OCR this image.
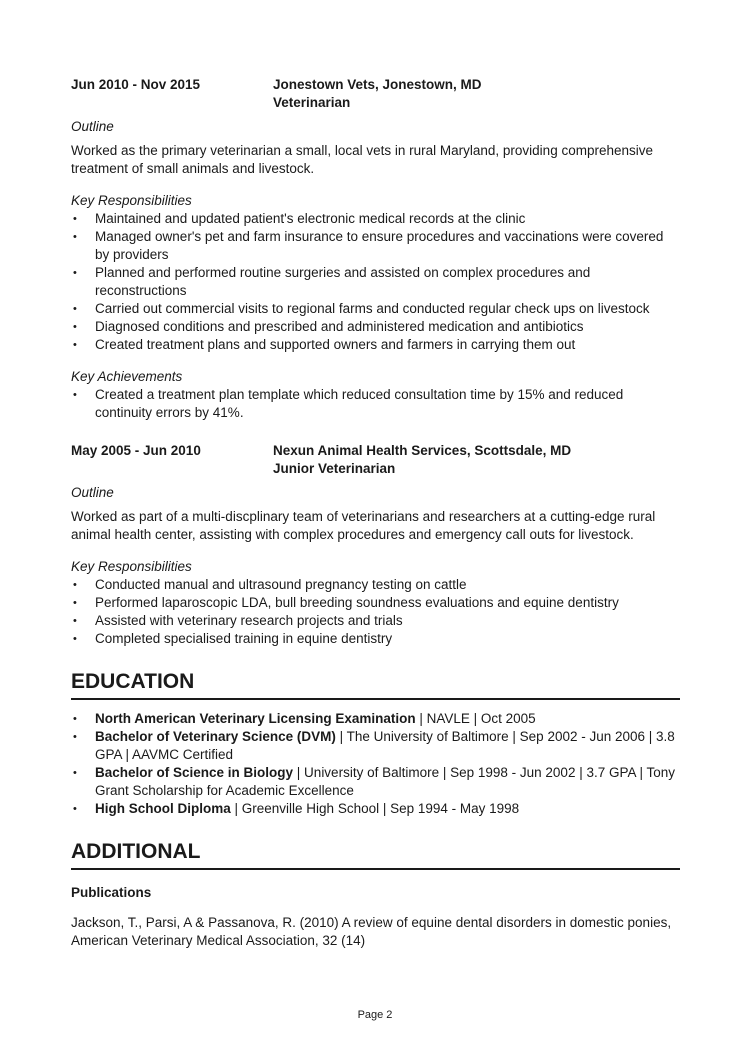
Jun 2010 - Nov 2015	Jonestown Vets, Jonestown, MD
Veterinarian
Outline
Worked as the primary veterinarian a small, local vets in rural Maryland, providing comprehensive treatment of small animals and livestock.
Key Responsibilities
• Maintained and updated patient's electronic medical records at the clinic
• Managed owner's pet and farm insurance to ensure procedures and vaccinations were covered by providers
• Planned and performed routine surgeries and assisted on complex procedures and reconstructions
• Carried out commercial visits to regional farms and conducted regular check ups on livestock
• Diagnosed conditions and prescribed and administered medication and antibiotics
• Created treatment plans and supported owners and farmers in carrying them out
Key Achievements
• Created a treatment plan template which reduced consultation time by 15% and reduced continuity errors by 41%.
May 2005 - Jun 2010	Nexun Animal Health Services, Scottsdale, MD
Junior Veterinarian
Outline
Worked as part of a multi-discplinary team of veterinarians and researchers at a cutting-edge rural animal health center, assisting with complex procedures and emergency call outs for livestock.
Key Responsibilities
• Conducted manual and ultrasound pregnancy testing on cattle
• Performed laparoscopic LDA, bull breeding soundness evaluations and equine dentistry
• Assisted with veterinary research projects and trials
• Completed specialised training in equine dentistry
EDUCATION
• North American Veterinary Licensing Examination | NAVLE | Oct 2005
• Bachelor of Veterinary Science (DVM) | The University of Baltimore | Sep 2002 - Jun 2006 | 3.8 GPA | AAVMC Certified
• Bachelor of Science in Biology | University of Baltimore | Sep 1998 - Jun 2002 | 3.7 GPA | Tony Grant Scholarship for Academic Excellence
• High School Diploma | Greenville High School | Sep 1994 - May 1998
ADDITIONAL
Publications
Jackson, T., Parsi, A & Passanova, R. (2010) A review of equine dental disorders in domestic ponies, American Veterinary Medical Association, 32 (14)
Page 2
